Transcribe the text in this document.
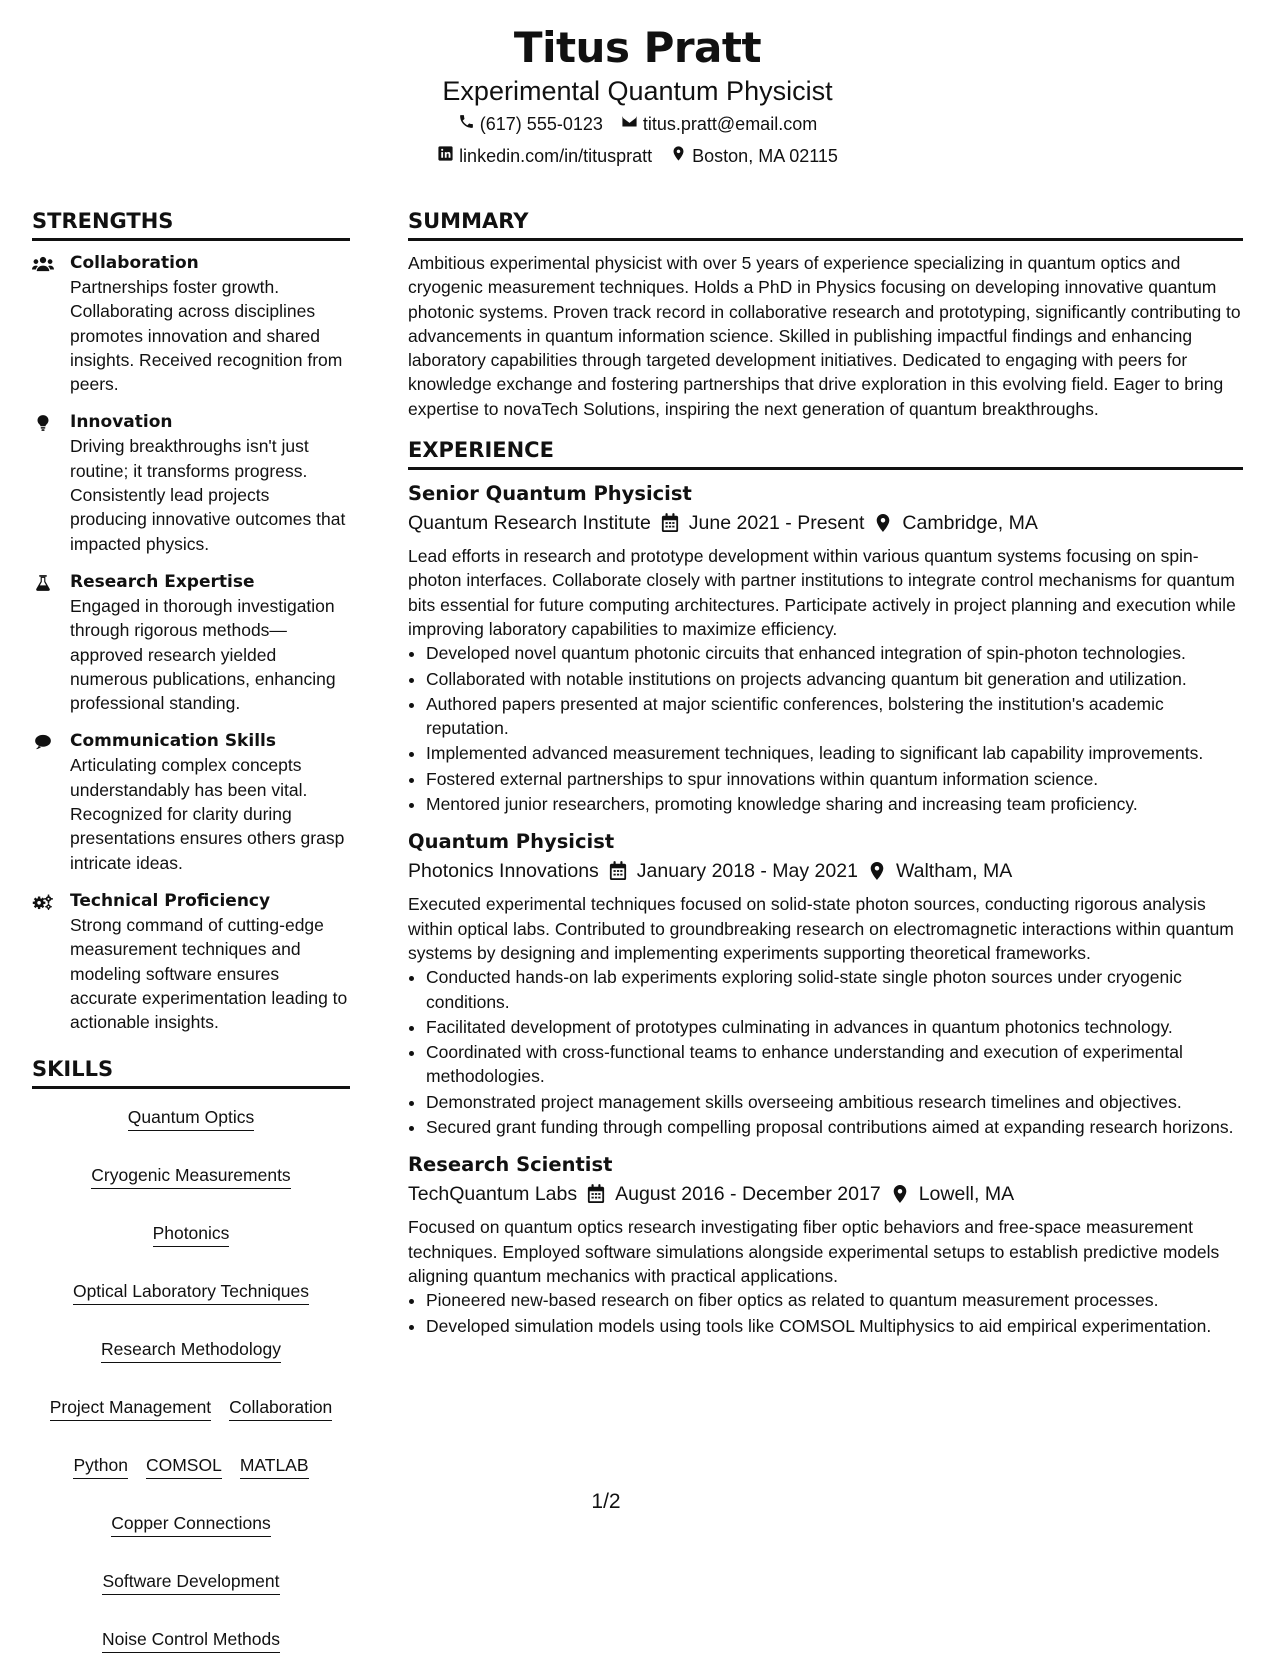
Titus Pratt
Experimental Quantum Physicist
(617) 555-0123 titus.pratt@email.com
linkedin.com/in/tituspratt Boston, MA 02115
STRENGTHS
Collaboration
Partnerships foster growth. Collaborating across disciplines promotes innovation and shared insights. Received recognition from peers.
Innovation
Driving breakthroughs isn't just routine; it transforms progress. Consistently lead projects producing innovative outcomes that impacted physics.
Research Expertise
Engaged in thorough investigation through rigorous methods—approved research yielded numerous publications, enhancing professional standing.
Communication Skills
Articulating complex concepts understandably has been vital. Recognized for clarity during presentations ensures others grasp intricate ideas.
Technical Proficiency
Strong command of cutting-edge measurement techniques and modeling software ensures accurate experimentation leading to actionable insights.
SKILLS
Quantum Optics
Cryogenic Measurements
Photonics
Optical Laboratory Techniques
Research Methodology
Project Management Collaboration
Python COMSOL MATLAB
Copper Connections
Software Development
Noise Control Methods
SUMMARY
Ambitious experimental physicist with over 5 years of experience specializing in quantum optics and cryogenic measurement techniques. Holds a PhD in Physics focusing on developing innovative quantum photonic systems. Proven track record in collaborative research and prototyping, significantly contributing to advancements in quantum information science. Skilled in publishing impactful findings and enhancing laboratory capabilities through targeted development initiatives. Dedicated to engaging with peers for knowledge exchange and fostering partnerships that drive exploration in this evolving field. Eager to bring expertise to novaTech Solutions, inspiring the next generation of quantum breakthroughs.
EXPERIENCE
Senior Quantum Physicist
Quantum Research Institute June 2021 - Present Cambridge, MA
Lead efforts in research and prototype development within various quantum systems focusing on spin-photon interfaces. Collaborate closely with partner institutions to integrate control mechanisms for quantum bits essential for future computing architectures. Participate actively in project planning and execution while improving laboratory capabilities to maximize efficiency.
• Developed novel quantum photonic circuits that enhanced integration of spin-photon technologies.
• Collaborated with notable institutions on projects advancing quantum bit generation and utilization.
• Authored papers presented at major scientific conferences, bolstering the institution's academic reputation.
• Implemented advanced measurement techniques, leading to significant lab capability improvements.
• Fostered external partnerships to spur innovations within quantum information science.
• Mentored junior researchers, promoting knowledge sharing and increasing team proficiency.
Quantum Physicist
Photonics Innovations January 2018 - May 2021 Waltham, MA
Executed experimental techniques focused on solid-state photon sources, conducting rigorous analysis within optical labs. Contributed to groundbreaking research on electromagnetic interactions within quantum systems by designing and implementing experiments supporting theoretical frameworks.
• Conducted hands-on lab experiments exploring solid-state single photon sources under cryogenic conditions.
• Facilitated development of prototypes culminating in advances in quantum photonics technology.
• Coordinated with cross-functional teams to enhance understanding and execution of experimental methodologies.
• Demonstrated project management skills overseeing ambitious research timelines and objectives.
• Secured grant funding through compelling proposal contributions aimed at expanding research horizons.
Research Scientist
TechQuantum Labs August 2016 - December 2017 Lowell, MA
Focused on quantum optics research investigating fiber optic behaviors and free-space measurement techniques. Employed software simulations alongside experimental setups to establish predictive models aligning quantum mechanics with practical applications.
• Pioneered new-based research on fiber optics as related to quantum measurement processes.
• Developed simulation models using tools like COMSOL Multiphysics to aid empirical experimentation.
1/2
